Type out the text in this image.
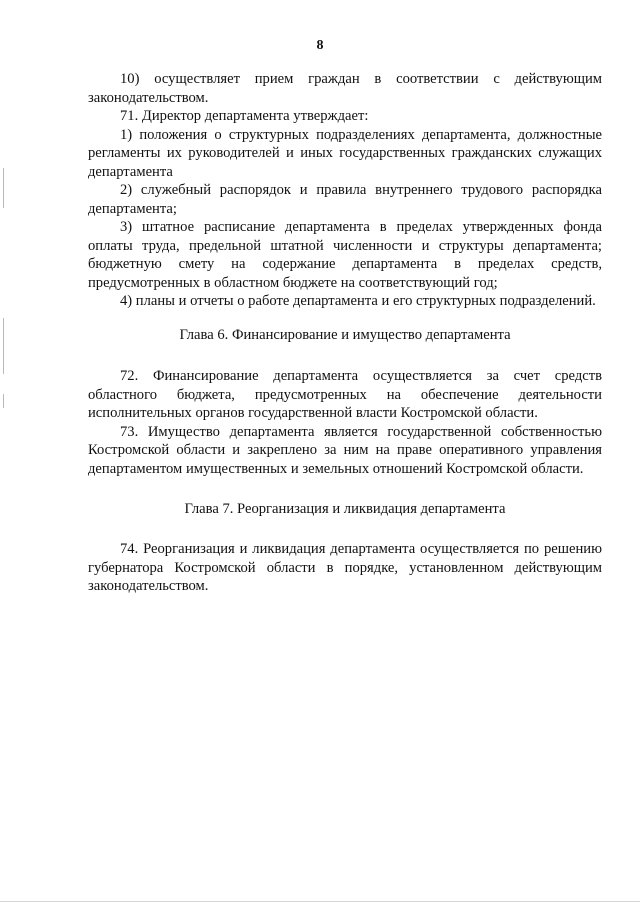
8

10) осуществляет прием граждан в соответствии с действующим законодательством.

71. Директор департамента утверждает:

1) положения о структурных подразделениях департамента, должностные регламенты их руководителей и иных государственных гражданских служащих департамента

2) служебный распорядок и правила внутреннего трудового распорядка департамента;

3) штатное расписание департамента в пределах утвержденных фонда оплаты труда, предельной штатной численности и структуры департамента; бюджетную смету на содержание департамента в пределах средств, предусмотренных в областном бюджете на соответствующий год;

4) планы и отчеты о работе департамента и его структурных подразделений.

Глава 6. Финансирование и имущество департамента

72. Финансирование департамента осуществляется за счет средств областного бюджета, предусмотренных на обеспечение деятельности исполнительных органов государственной власти Костромской области.

73. Имущество департамента является государственной собственностью Костромской области и закреплено за ним на праве оперативного управления департаментом имущественных и земельных отношений Костромской области.

Глава 7. Реорганизация и ликвидация департамента

74. Реорганизация и ликвидация департамента осуществляется по решению губернатора Костромской области в порядке, установленном действующим законодательством.
